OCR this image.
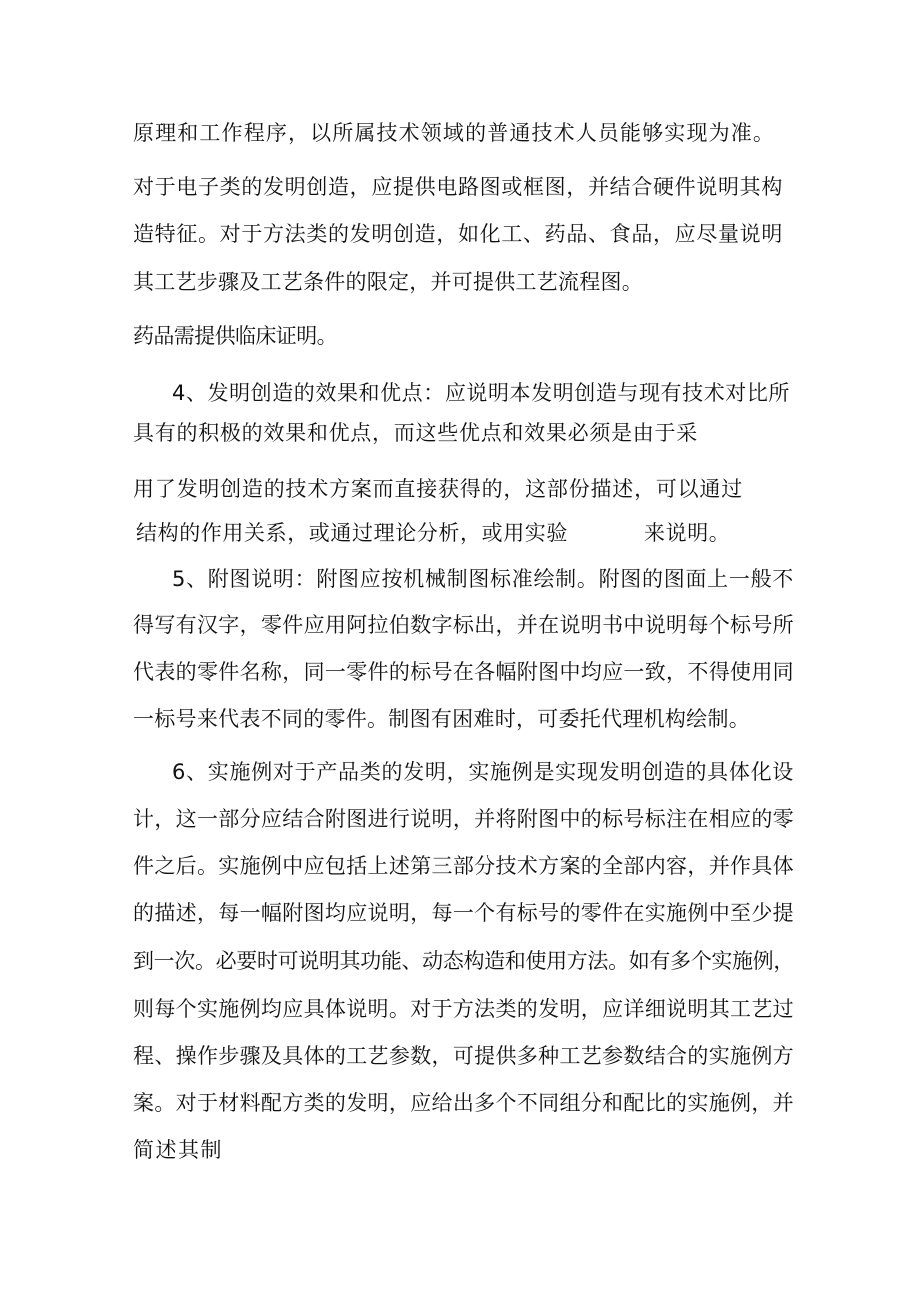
原理和工作程序，以所属技术领域的普通技术人员能够实现为准。
对于电子类的发明创造，应提供电路图或框图，并结合硬件说明其构
造特征。对于方法类的发明创造，如化工、药品、食品，应尽量说明
其工艺步骤及工艺条件的限定，并可提供工艺流程图。
药品需提供临床证明。
4、发明创造的效果和优点：应说明本发明创造与现有技术对比所
具有的积极的效果和优点，而这些优点和效果必须是由于采
用了发明创造的技术方案而直接获得的，这部份描述，可以通过
结构的作用关系，或通过理论分析，或用实验	来说明。
5、附图说明：附图应按机械制图标准绘制。附图的图面上一般不
得写有汉字，零件应用阿拉伯数字标出，并在说明书中说明每个标号所
代表的零件名称，同一零件的标号在各幅附图中均应一致，不得使用同
一标号来代表不同的零件。制图有困难时，可委托代理机构绘制。
6、实施例对于产品类的发明，实施例是实现发明创造的具体化设
计，这一部分应结合附图进行说明，并将附图中的标号标注在相应的零
件之后。实施例中应包括上述第三部分技术方案的全部内容，并作具体
的描述，每一幅附图均应说明，每一个有标号的零件在实施例中至少提
到一次。必要时可说明其功能、动态构造和使用方法。如有多个实施例，
则每个实施例均应具体说明。对于方法类的发明，应详细说明其工艺过
程、操作步骤及具体的工艺参数，可提供多种工艺参数结合的实施例方
案。对于材料配方类的发明，应给出多个不同组分和配比的实施例，并
简述其制
